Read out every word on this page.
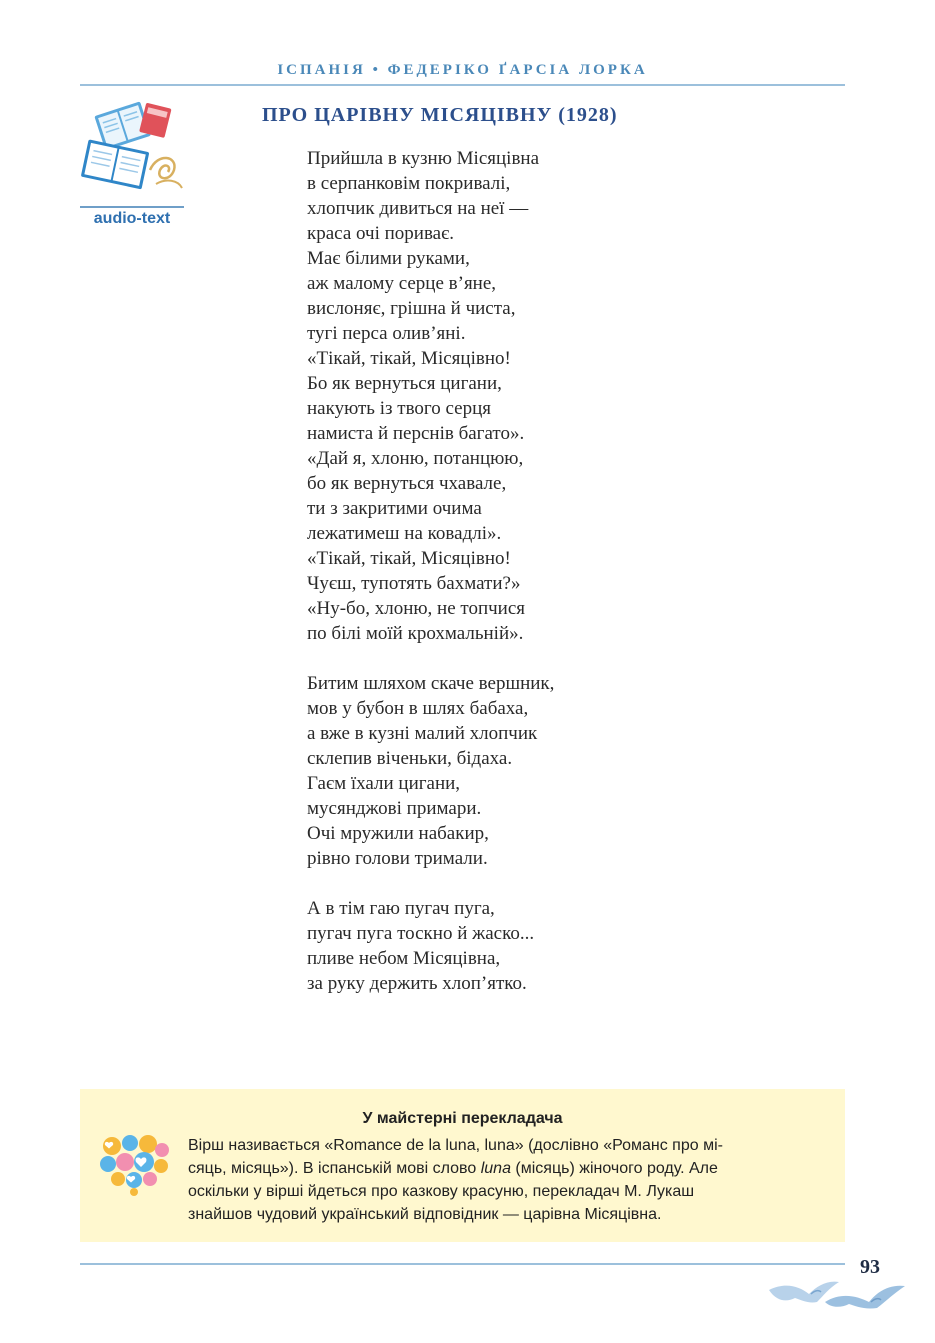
ІСПАНІЯ • ФЕДЕРІКО ҐАРСІА ЛОРКА
audio-text
ПРО ЦАРІВНУ МІСЯЦІВНУ (1928)
Прийшла в кузню Місяцівна
в серпанковім покривалі,
хлопчик дивиться на неї —
краса очі пориває.
Має білими руками,
аж малому серце в’яне,
вислоняє, грішна й чиста,
тугі перса олив’яні.
«Тікай, тікай, Місяцівно!
Бо як вернуться цигани,
накують із твого серця
намиста й перснів багато».
«Дай я, хлоню, потанцюю,
бо як вернуться чхавале,
ти з закритими очима
лежатимеш на ковадлі».
«Тікай, тікай, Місяцівно!
Чуєш, тупотять бахмати?»
«Ну-бо, хлоню, не топчися
по білі моїй крохмальній».
Битим шляхом скаче вершник,
мов у бубон в шлях бабаха,
а вже в кузні малий хлопчик
склепив віченьки, бідаха.
Гаєм їхали цигани,
мусянджові примари.
Очі мружили набакир,
рівно голови тримали.
А в тім гаю пугач пуга,
пугач пуга тоскно й жаско...
пливе небом Місяцівна,
за руку держить хлоп’ятко.
У майстерні перекладача
Вірш називається «Romance de la luna, luna» (дослівно «Романс про мі-
сяць, місяць»). В іспанській мові слово luna (місяць) жіночого роду. Але
оскільки у вірші йдеться про казкову красуню, перекладач М. Лукаш
знайшов чудовий український відповідник — царівна Місяцівна.
93
